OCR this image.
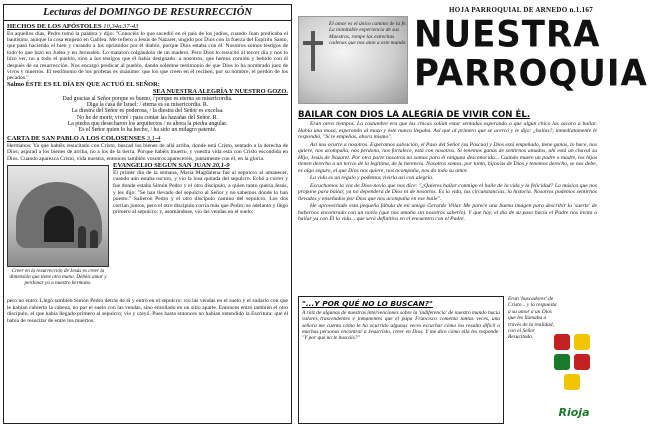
Lecturas del DOMINGO DE RESURRECCIÓN
HECHOS DE LOS APÓSTOLES 10,34a.37-43

En aquellos días, Pedro tomó la palabra y dijo: "Conocéis lo que sucedió en el país de los judíos, cuando Juan predicaba el bautismo, aunque la cosa empezó en Galilea. Me refiero a Jesús de Nazaret, ungido por Dios con la fuerza del Espíritu Santo, que pasó haciendo el bien y curando a los oprimidos por el diablo, porque Dios estaba con él. Nosotros somos testigos de todo lo que hizo en Judea y en Jerusalén. Lo mataron colgándolo de un madero. Pero Dios lo resucitó al tercer día y nos lo hizo ver, no a todo el pueblo, sino a los testigos que él había designado: a nosotros, que hemos comido y bebido con él después de su resurrección. Nos encargó predicar al pueblo, dando solemne testimonio de que Dios lo ha nombrado juez de vivos y muertos. El testimonio de los profetas es unánime: que los que creen en él reciben, por su nombre, el perdón de los pecados."

Salmo ÉSTE ES EL DÍA EN QUE ACTUÓ EL SEÑOR:
SEA NUESTRA ALEGRÍA Y NUESTRO GOZO.

Dad gracias al Señor porque es bueno, / porque es eterna su misericordia.

Diga la casa de Israel: / eterna es su misericordia. R.

La diestra del Señor es poderosa, / la diestra del Señor es excelsa.

No he de morir, viviré / para contar las hazañas del Señor. R.

La piedra que desecharon los arquitectos / es ahora la piedra angular.

Es el Señor quien lo ha hecho, / ha sido un milagro patente.

CARTA DE SAN PABLO A LOS COLOSENSES 3,1-4

Hermanos: Ya que habéis resucitado con Cristo, buscad los bienes de allá arriba, donde está Cristo, sentado a la derecha de Dios; aspirad a los bienes de arriba, no a los de la tierra. Porque habéis muerto, y vuestra vida está con Cristo escondida en Dios. Cuando aparezca Cristo, vida nuestra, entonces también vosotros apareceréis, juntamente con él, en la gloria.

Creer en la resurrección de Jesús es creer la dimensión que tiene otra mano. Debéis amar y perdonar ya a nuestro hermano.
EVANGELIO SEGÚN SAN JUAN 20,1-9

El primer día de la semana, María Magdalena fue al sepulcro al amanecer, cuando aún estaba oscuro, y vio la losa quitada del sepulcro. Echó a correr y fue donde estaba Simón Pedro y el otro discípulo, a quien tanto quería Jesús, y les dijo: "Se han llevado del sepulcro al Señor y no sabemos dónde lo han puesto." Salieron Pedro y el otro discípulo camino del sepulcro. Los dos corrían juntos, pero el otro discípulo corría más que Pedro; se adelantó y llegó primero al sepulcro; y, asomándose, vio las vendas en el suelo;

pero no entró. Llegó también Simón Pedro detrás de él y entró en el sepulcro: vio las vendas en el suelo y el sudario con que le habían cubierto la cabeza, no por el suelo con las vendas, sino enrollado en un sitio aparte. Entonces entró también el otro discípulo, el que había llegado primero al sepulcro; vio y creyó. Pues hasta entonces no habían entendido la Escritura: que él había de resucitar de entre los muertos.

El amor es el único camino de la fe. La inimitable experiencia de sus Maestros, rompe las estrechas cadenas que nos atan a este mundo.
HOJA PARROQUIAL DE ARNEDO n.1.167
NUESTRA
PARROQUIA
BAILAR CON DIOS LA ALEGRÍA DE VIVIR CON ÉL.

Eran otros tiempos. La costumbre era que las chicas solían estar sentadas esperando a que algún chico las sacara a bailar. Había una moza, esperando al mozo y éste nunca llegaba. Así que al primero que se acercó y le dijo: ¿bailas?, inmediatamente le respondió, "Si te empeñas, ahora mismo".

Así nos ocurre a nosotros. Esperamos salvación, el Paso del Señor (su Pascua) y Dios está empeñado, tiene ganas, lo hace, nos quiere, nos acompaña, nos perdona, nos fortalece, está con nosotros. Si tenemos ganas de sentirnos amados, ahí está un chaval su Hijo, Jesús de Nazaret. Por otra parte nosotros no somos para él ninguna desconocida... Cuando muere un padre o madre, los hijos tienen derecho a un tercio de la legítima, de la herencia. Nosotros somos, por tanto, hijos/as de Dios y tenemos derecho, se nos debe, es algo seguro, el que Dios nos quiere, nos acompaña, nos da todo su amor.

La vida es un regalo y podemos vivirla así con alegría.

Escuchamos la voz de Dios-novio que nos dice: "¿Quieres bailar conmigo el baile de la vida y la felicidad? La música que nos propone para bailar, ya no dependerá de Dios ni de nosotros. Es la vida, las circunstancias, la historia. Nosotros podemos sentirnos llevados y enseñados por Dios que nos acompaña en ese baile".

He aprovechado esta pequeña fábula de mi amigo Gerardo Villar. Me parece una buena imagen para describir la 'suerte' de habernos encontrado con un novio (que nos amaba sin nosotros saberlo). Y que hoy, el día de su paso hacia el Padre nos invita a bailar ya con Él la vida... que será definitiva en el encuentro con el Padre.

"...Y POR QUÉ NO LO BUSCAN?"

A raíz de algunas de nuestras intervenciones sobre la 'indiferencia' de nuestro mundo hacia valores trascendentes e inmanentes que el papa Francisco comenta tantas veces, una señora me cuenta cómo le ha ocurrido algunas veces escuchar cómo los resulta difícil a muchas personas encontrar a Jesucristo, creer en Dios. Y me dice cómo ella les responde: "Y por qué no le buscáis?"

Eran 'buscadores' de Cristo... y la respuesta a su amor a un Dios que les llamaba a través de la realidad, con el Señor Resucitado.
Rioja
